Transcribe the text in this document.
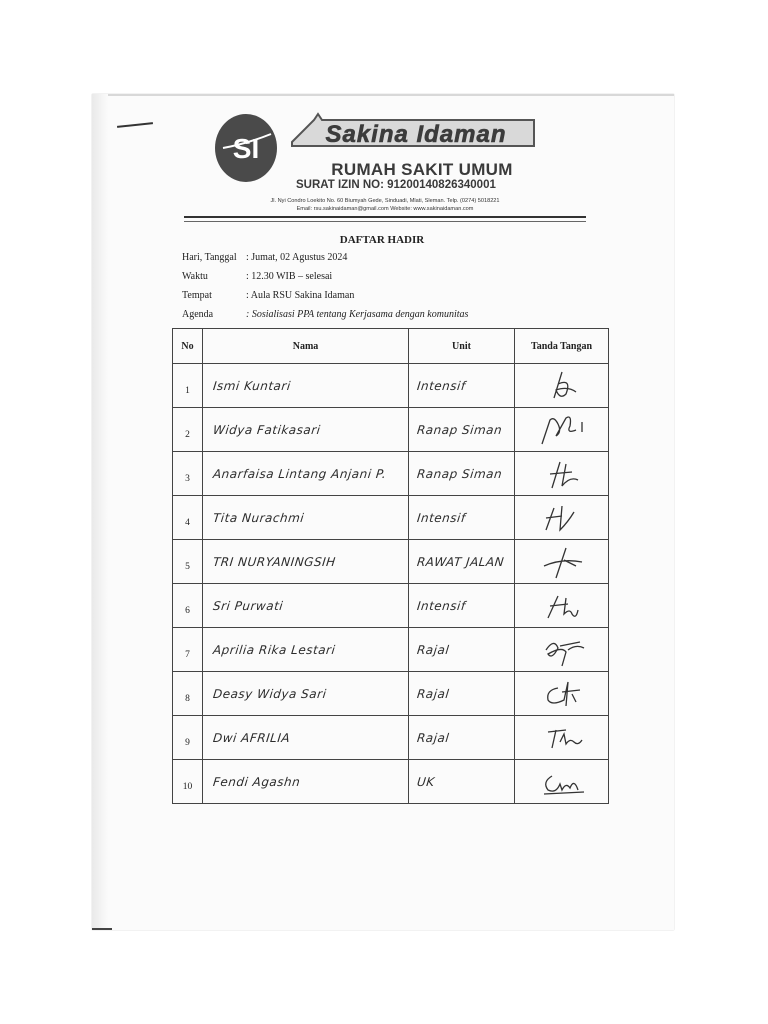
SI	Sakina Idaman
RUMAH SAKIT UMUM
SURAT IZIN NO: 91200140826340001
Jl. Nyi Condro Loekito No. 60 Biumyah Gede, Sinduadi, Mlati, Sleman. Telp. (0274) 5018221
Email: rsu.sakinaidaman@gmail.com Website: www.sakinaidaman.com
DAFTAR HADIR
Hari, Tanggal : Jumat, 02 Agustus 2024
Waktu	: 12.30 WIB – selesai
Tempat	: Aula RSU Sakina Idaman
Agenda	: Sosialisasi PPA tentang Kerjasama dengan komunitas
No	Nama	Unit	Tanda Tangan
1	Ismi Kuntari	Intensif	

2	Widya Fatikasari	Ranap Siman	

3	Anarfaisa Lintang Anjani P.	Ranap Siman	

4	Tita Nurachmi	Intensif	

5	TRI NURYANINGSIH	RAWAT JALAN	

6	Sri Purwati	Intensif	

7	Aprilia Rika Lestari	Rajal	

8	Deasy Widya Sari	Rajal	

9	Dwi AFRILIA	Rajal	

10	Fendi Agashn	UK	
